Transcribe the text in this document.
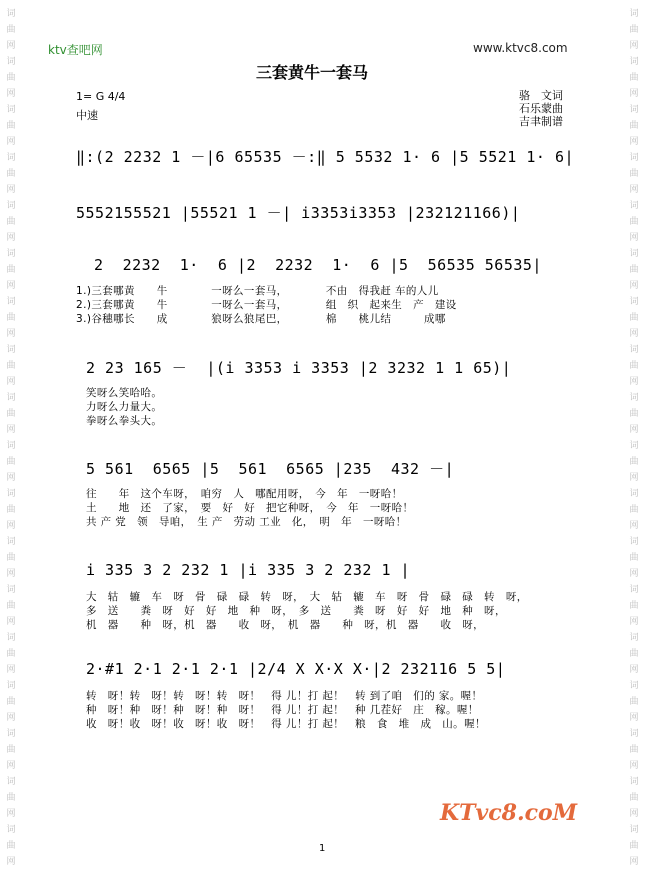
词
曲
网
词
曲
网
词
曲
网
词
曲
网
词
曲
网
词
曲
网
词
曲
网
词
曲
网
词
曲
网
词
曲
网
词
曲
网
词
曲
网
词
曲
网
词
曲
网
词
曲
网
词
曲
网
词
曲
网
词
曲
网
词
曲
网
词
曲
网
词
曲
网
词
曲
网
词
曲
网
词
曲
网
词
曲
网
词
曲
网
词
曲
网
词
曲
网
词
曲
网
词
曲
网
词
曲
网
词
曲
网
词
曲
网
词
曲
网
词
曲
网
词
曲
网
ktv查吧网	www.ktvc8.com
三套黄牛一套马
1= G 4/4
中速
骆　文词
石乐蒙曲
吉聿制谱
‖:(2 2232 1 －|6 65535 －:‖ 5 5532 1· 6 |5 5521 1· 6|
5552155521 |55521 1 －| i3353i3353 |232121166)|
2  2232  1·  6 |2  2232  1·  6 |5  56535 56535|
1.)三套哪黄　　牛　　　　一呀么一套马，　　　　不由　得我赶 车的人儿
2.)三套哪黄　　牛　　　　一呀么一套马，　　　　组　织　起来生　产　建设
3.)谷穗哪长　　成　　　　狼呀么狼尾巴，　　　　棉　　桃儿结　　　成哪
2 23 165 －  |(i 3353 i 3353 |2 3232 1 1 65)|
笑呀么笑哈哈。
力呀么力量大。
拳呀么拳头大。
5 561  6565 |5  561  6565 |235  432 －|
往　　年　这个车呀，　咱穷　人　哪配用呀，　今　年　一呀哈！
土　　地　还　了家，　要　好　好　把它种呀，　今　年　一呀哈！
共 产 党　领　导咱，　生 产　劳动 工业　化，　明　年　一呀哈！
i 335 3 2 232 1 |i 335 3 2 232 1 |
大　轱　辘　车　呀　骨　碌　碌　转　呀，　大　轱　辘　车　呀　骨　碌　碌　转　呀，
多　送　　粪　呀　好　好　地　种　呀，　多　送　　粪　呀　好　好　地　种　呀，
机　器　　种　呀，机　器　　收　呀，　机　器　　种　呀，机　器　　收　呀，
2·#1 2·1 2·1 2·1 |2/4 X X·X X·|2 232116 5 5|
转　呀！转　呀！转　呀！转　呀！　得 儿！打 起！　转 到了咱　们的 家。喔！
种　呀！种　呀！种　呀！种　呀！　得 儿！打 起！　种 几茬好　庄　稼。喔！
收　呀！收　呀！收　呀！收　呀！　得 儿！打 起！　粮　食　堆　成　山。喔！
KTvc8.coM
1
